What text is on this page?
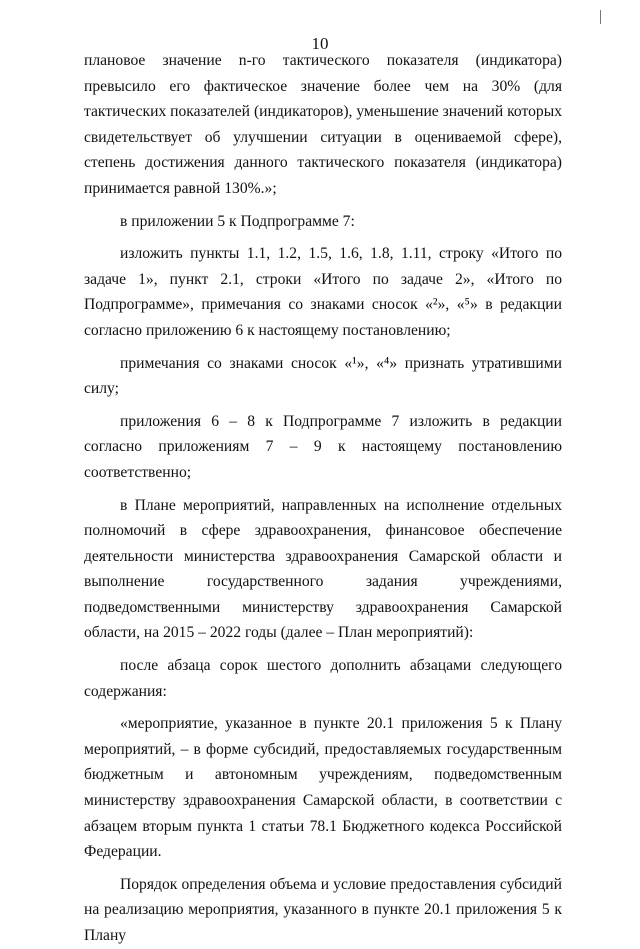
10

плановое значение n-го тактического показателя (индикатора) превысило его фактическое значение более чем на 30% (для тактических показателей (индикаторов), уменьшение значений которых свидетельствует об улучшении ситуации в оцениваемой сфере), степень достижения данного тактического показателя (индикатора) принимается равной 130%.»;

в приложении 5 к Подпрограмме 7:

изложить пункты 1.1, 1.2, 1.5, 1.6, 1.8, 1.11, строку «Итого по задаче 1», пункт 2.1, строки «Итого по задаче 2», «Итого по Подпрограмме», примечания со знаками сносок «²», «⁵» в редакции согласно приложению 6 к настоящему постановлению;

примечания со знаками сносок «¹», «⁴» признать утратившими силу;

приложения 6 – 8 к Подпрограмме 7 изложить в редакции согласно приложениям 7 – 9 к настоящему постановлению соответственно;

в Плане мероприятий, направленных на исполнение отдельных полномочий в сфере здравоохранения, финансовое обеспечение деятельности министерства здравоохранения Самарской области и выполнение государственного задания учреждениями, подведомственными министерству здравоохранения Самарской области, на 2015 – 2022 годы (далее – План мероприятий):

после абзаца сорок шестого дополнить абзацами следующего содержания:

«мероприятие, указанное в пункте 20.1 приложения 5 к Плану мероприятий, – в форме субсидий, предоставляемых государственным бюджетным и автономным учреждениям, подведомственным министерству здравоохранения Самарской области, в соответствии с абзацем вторым пункта 1 статьи 78.1 Бюджетного кодекса Российской Федерации.

Порядок определения объема и условие предоставления субсидий на реализацию мероприятия, указанного в пункте 20.1 приложения 5 к Плану
